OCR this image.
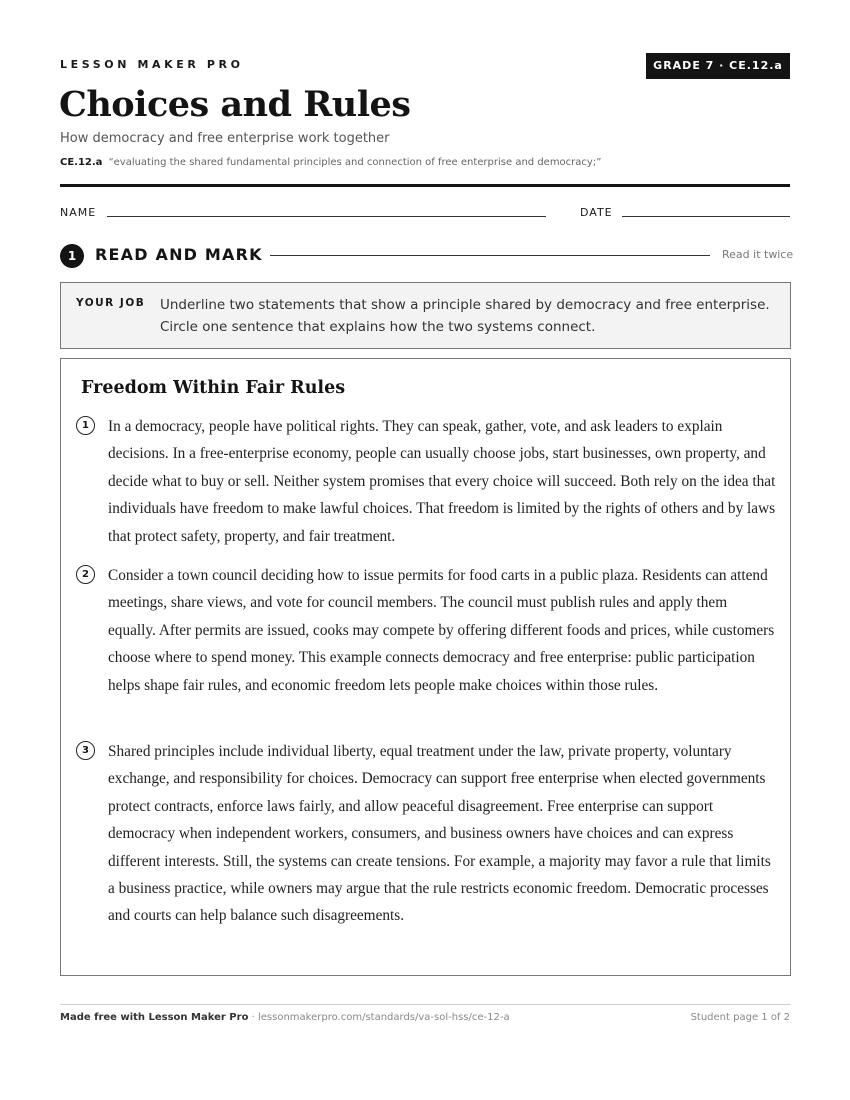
LESSON MAKER PRO	GRADE 7 · CE.12.a
Choices and Rules
How democracy and free enterprise work together
CE.12.a “evaluating the shared fundamental principles and connection of free enterprise and democracy;”
NAME	DATE
1	READ AND MARK	Read it twice
YOUR JOB Underline two statements that show a principle shared by democracy and free enterprise.
Circle one sentence that explains how the two systems connect.
Freedom Within Fair Rules
1	In a democracy, people have political rights. They can speak, gather, vote, and ask leaders to explain decisions. In a free-enterprise economy, people can usually choose jobs, start businesses, own property, and decide what to buy or sell. Neither system promises that every choice will succeed. Both rely on the idea that individuals have freedom to make lawful choices. That freedom is limited by the rights of others and by laws that protect safety, property, and fair treatment.

2	Consider a town council deciding how to issue permits for food carts in a public plaza. Residents can attend meetings, share views, and vote for council members. The council must publish rules and apply them equally. After permits are issued, cooks may compete by offering different foods and prices, while customers choose where to spend money. This example connects democracy and free enterprise: public participation helps shape fair rules, and economic freedom lets people make choices within those rules.

3	Shared principles include individual liberty, equal treatment under the law, private property, voluntary exchange, and responsibility for choices. Democracy can support free enterprise when elected governments protect contracts, enforce laws fairly, and allow peaceful disagreement. Free enterprise can support democracy when independent workers, consumers, and business owners have choices and can express different interests. Still, the systems can create tensions. For example, a majority may favor a rule that limits a business practice, while owners may argue that the rule restricts economic freedom. Democratic processes and courts can help balance such disagreements.

Made free with Lesson Maker Pro · lessonmakerpro.com/standards/va-sol-hss/ce-12-a	Student page 1 of 2
